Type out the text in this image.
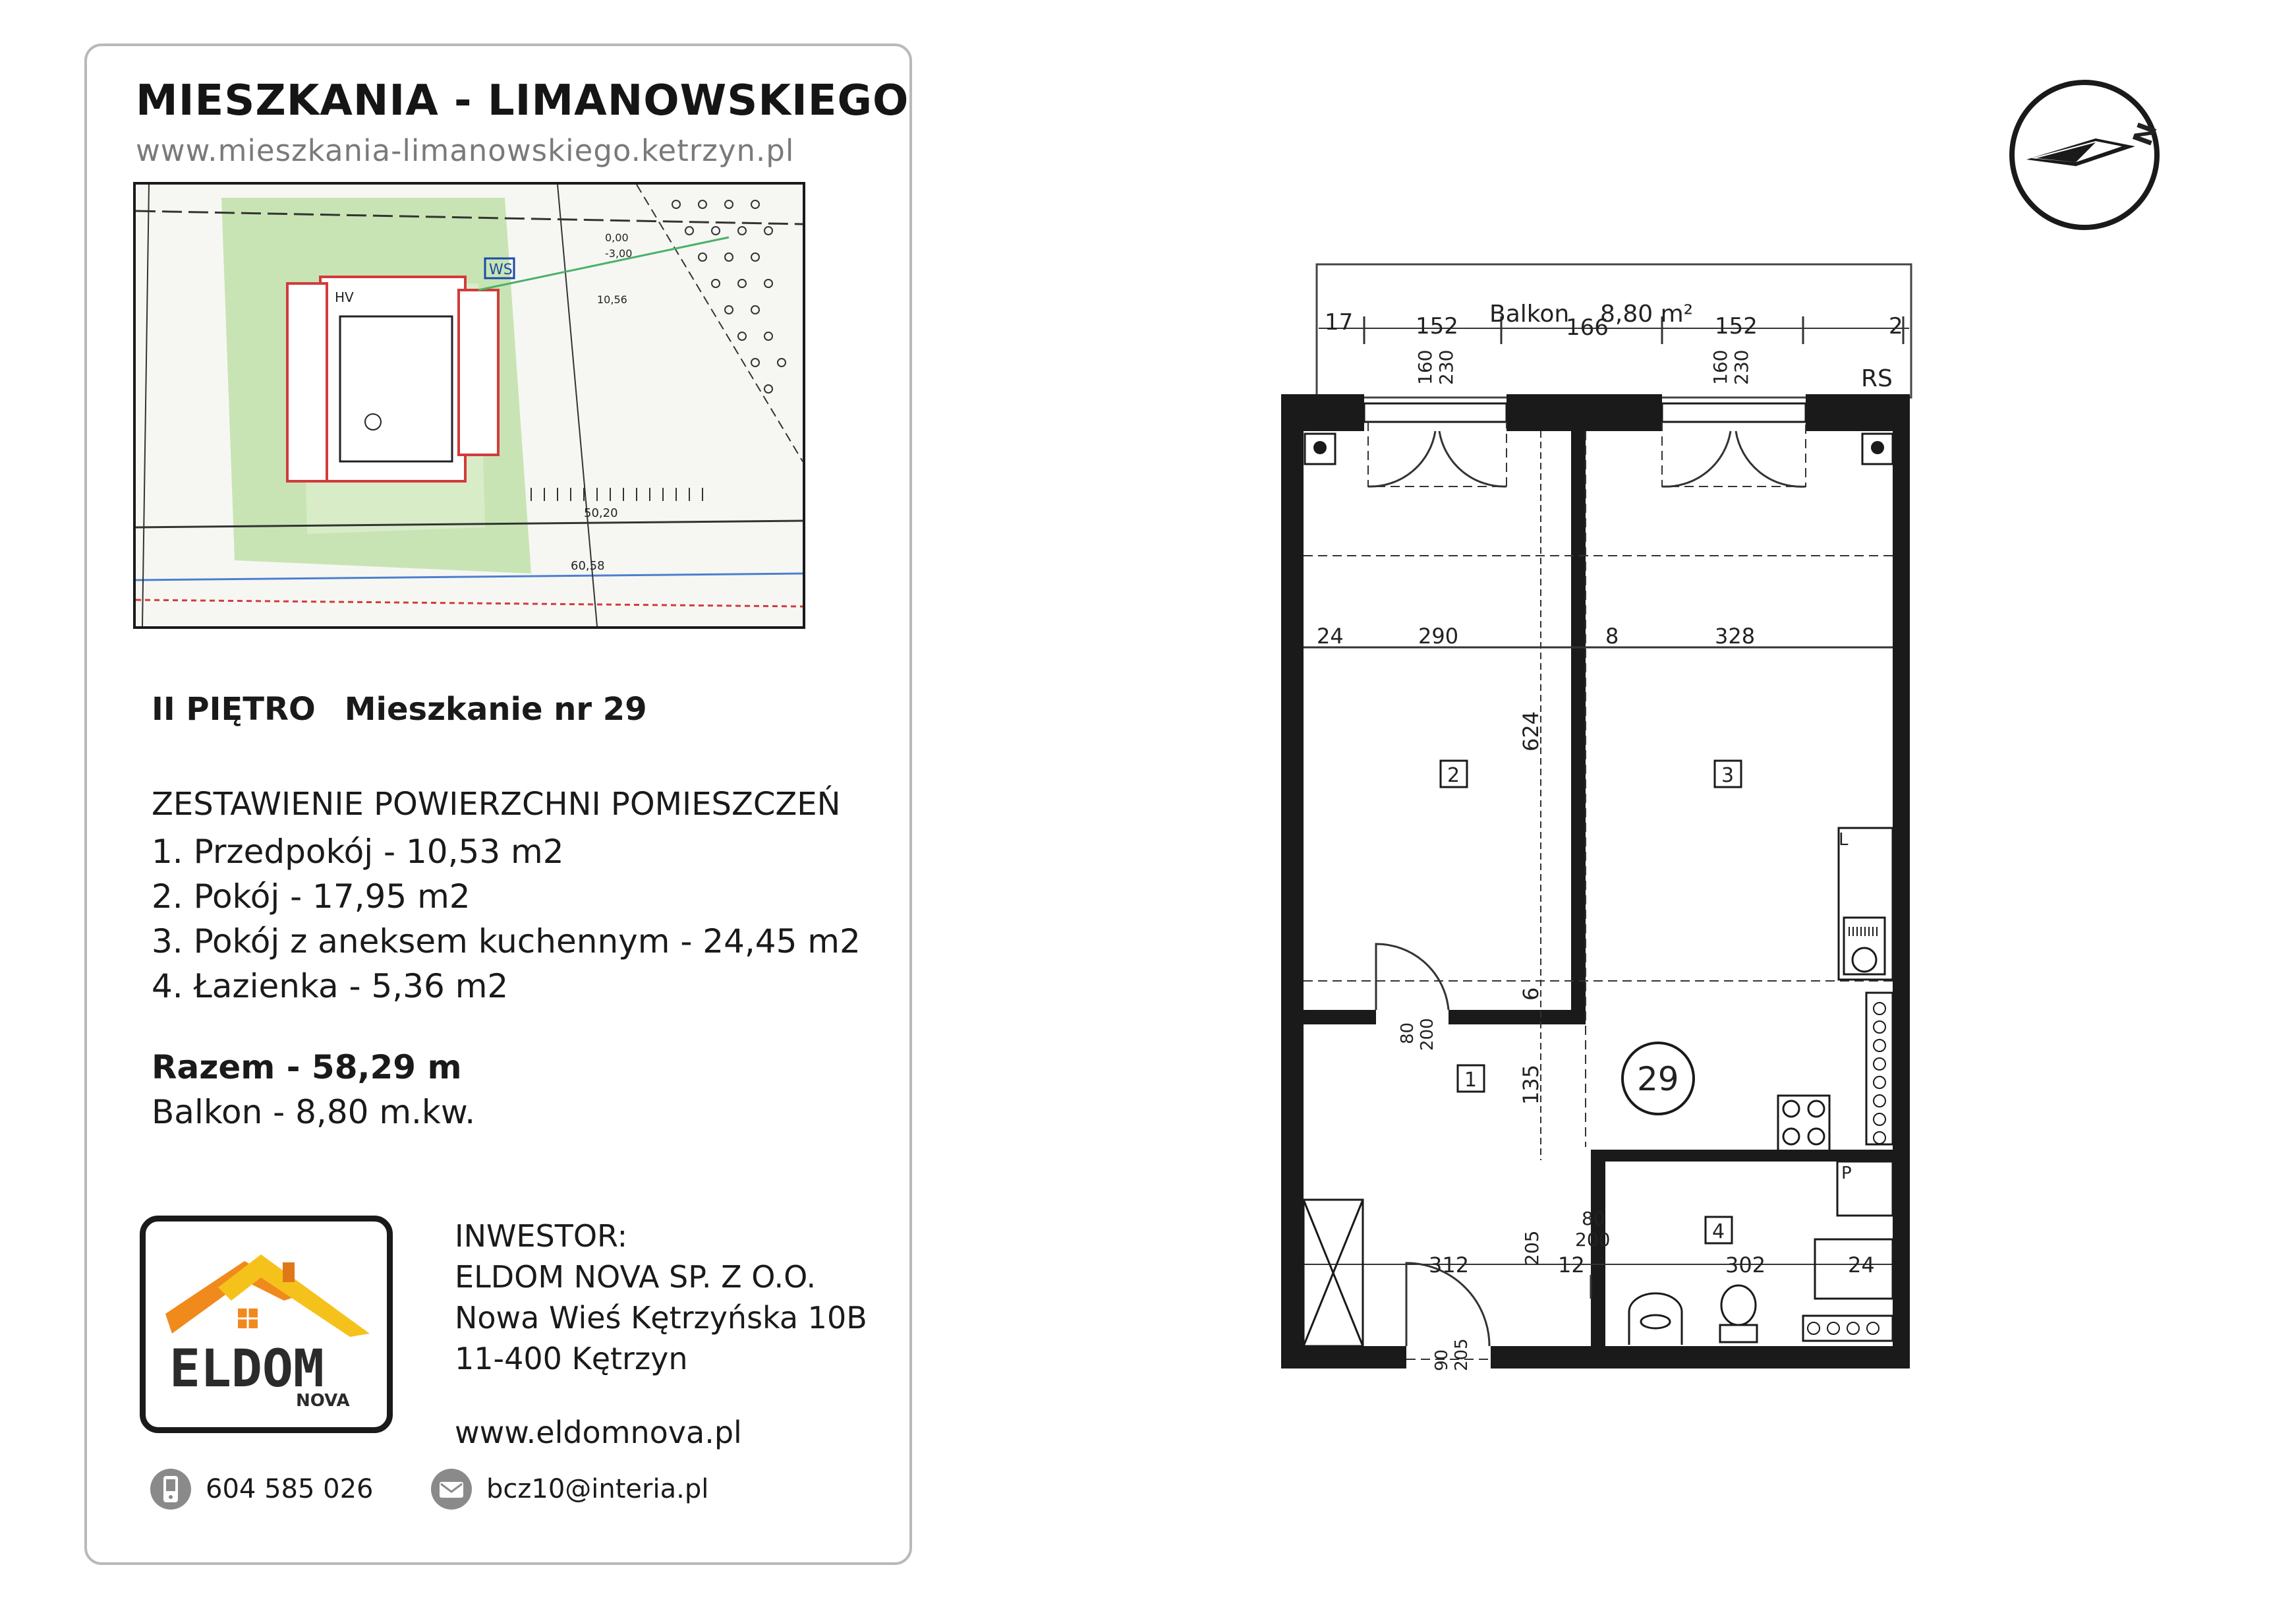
MIESZKANIA - LIMANOWSKIEGO
www.mieszkania-limanowskiego.ketrzyn.pl
WS
HV
50,20
60,58
10,56
0,00
-3,00
II PIĘTRO Mieszkanie nr 29
ZESTAWIENIE POWIERZCHNI POMIESZCZEŃ
1. Przedpokój - 10,53 m2
2. Pokój - 17,95 m2
3. Pokój z aneksem kuchennym - 24,45 m2
4. Łazienka - 5,36 m2
Razem - 58,29 m
Balkon - 8,80 m.kw.
ELDOM
NOVA
INWESTOR:
ELDOM NOVA SP. Z O.O.
Nowa Wieś Kętrzyńska 10B
11-400 Kętrzyn
www.eldomnova.pl
604 585 026	bcz10@interia.pl
N
17	152 Balkon
166
8,80 m² 152	2
RS
160 230	160 230
24	290	8	328
624
6
135
80 200
80
200
205
312	12	302	24
90 205
L
P
1
2	3
4
29
